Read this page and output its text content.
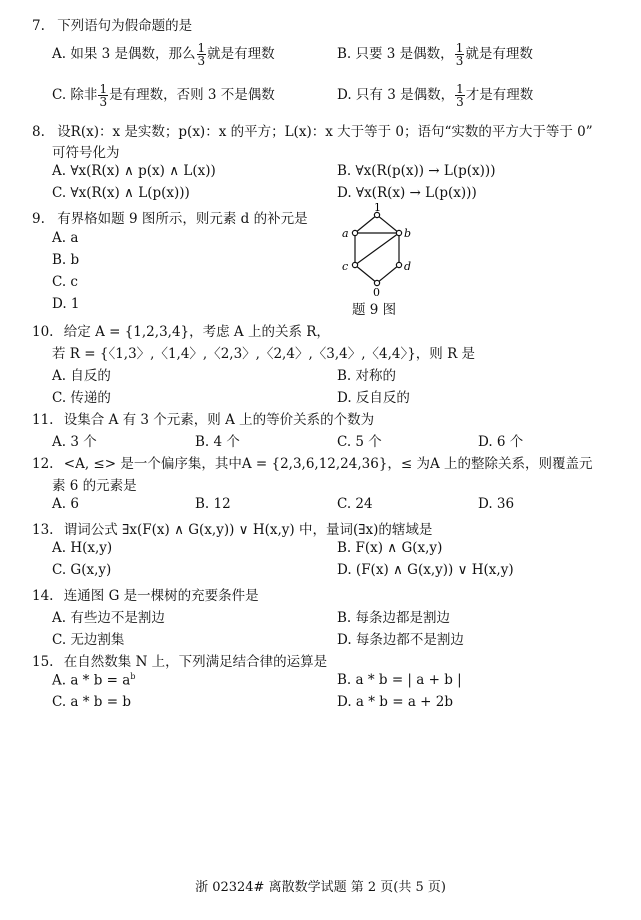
7. 下列语句为假命题的是
A. 如果 3 是偶数，那么 $\frac{1}{3}$ 就是有理数	B. 只要 3 是偶数， $\frac{1}{3}$ 就是有理数
C. 除非 $\frac{1}{3}$ 是有理数，否则 3 不是偶数	D. 只有 3 是偶数， $\frac{1}{3}$ 才是有理数
8. 设R(x)：x 是实数；p(x)：x 的平方；L(x)：x 大于等于 0；语句“实数的平方大于等于 0”
可符号化为
A. ∀x(R(x) ∧ p(x) ∧ L(x))	B. ∀x(R(p(x)) → L(p(x)))
C. ∀x(R(x) ∧ L(p(x)))	D. ∀x(R(x) → L(p(x)))
9. 有界格如题 9 图所示，则元素 d 的补元是
A. a
B. b
C. c
D. 1
1
a	b
c	d
0
题 9 图
10. 给定 A = {1,2,3,4}，考虑 A 上的关系 R，
若 R = {〈1,3〉,〈1,4〉,〈2,3〉,〈2,4〉,〈3,4〉,〈4,4〉}，则 R 是
A. 自反的	B. 对称的
C. 传递的	D. 反自反的
11. 设集合 A 有 3 个元素，则 A 上的等价关系的个数为
A. 3 个	B. 4 个	C. 5 个	D. 6 个
12. <A, ≤> 是一个偏序集，其中A = {2,3,6,12,24,36}，≤ 为A 上的整除关系，则覆盖元
素 6 的元素是
A. 6	B. 12	C. 24	D. 36
13. 谓词公式 ∃x(F(x) ∧ G(x,y)) ∨ H(x,y) 中，量词(∃x)的辖域是
A. H(x,y)	B. F(x) ∧ G(x,y)
C. G(x,y)	D. (F(x) ∧ G(x,y)) ∨ H(x,y)
14. 连通图 G 是一棵树的充要条件是
A. 有些边不是割边	B. 每条边都是割边
C. 无边割集	D. 每条边都不是割边
15. 在自然数集 N 上，下列满足结合律的运算是
A. $a * b = a^b$	B. a * b = | a + b |
C. a * b = b	D. a * b = a + 2b
浙 02324# 离散数学试题 第 2 页(共 5 页)
